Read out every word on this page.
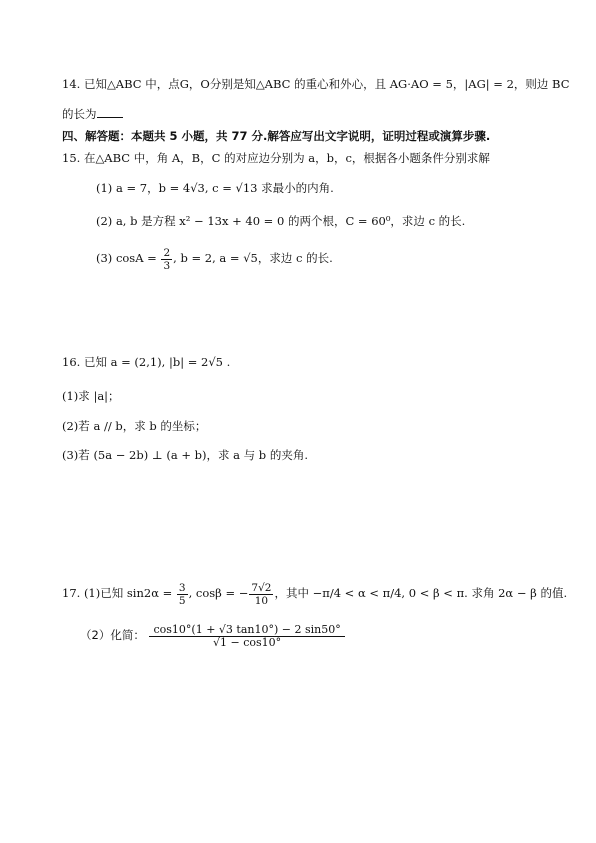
14. 已知△ABC 中，点G，O分别是知△ABC 的重心和外心，且 AG·AO = 5，|AG| = 2，则边 BC
的长为
四、解答题：本题共 5 小题，共 77 分.解答应写出文字说明，证明过程或演算步骤.
15. 在△ABC 中，角 A，B，C 的对应边分别为 a，b，c，根据各小题条件分别求解
(1) a = 7，b = 4√3, c = √13 求最小的内角.
(2) a, b 是方程 x² − 13x + 40 = 0 的两个根，C = 60⁰，求边 c 的长.
(3) $\cos A = \frac{2}{3}$ , b = 2, a = √5，求边 c 的长.
16. 已知 a = (2,1), |b| = 2√5 .
(1)求 |a|；
(2)若 a // b，求 b 的坐标；
(3)若 (5a − 2b) ⊥ (a + b)，求 a 与 b 的夹角.
17. (1)已知 $\sin 2\alpha = \frac{3}{5}$ , cosβ = − $\frac{7√2}{10}$ ，其中 −π/4 < α < π/4, 0 < β < π. 求角 2α − β 的值.
（2）化简： $\frac{\cos 10^\circ(1 + √3 \tan 10^\circ) - 2 \sin 50^\circ}{√1 - \cos 10^\circ}$
